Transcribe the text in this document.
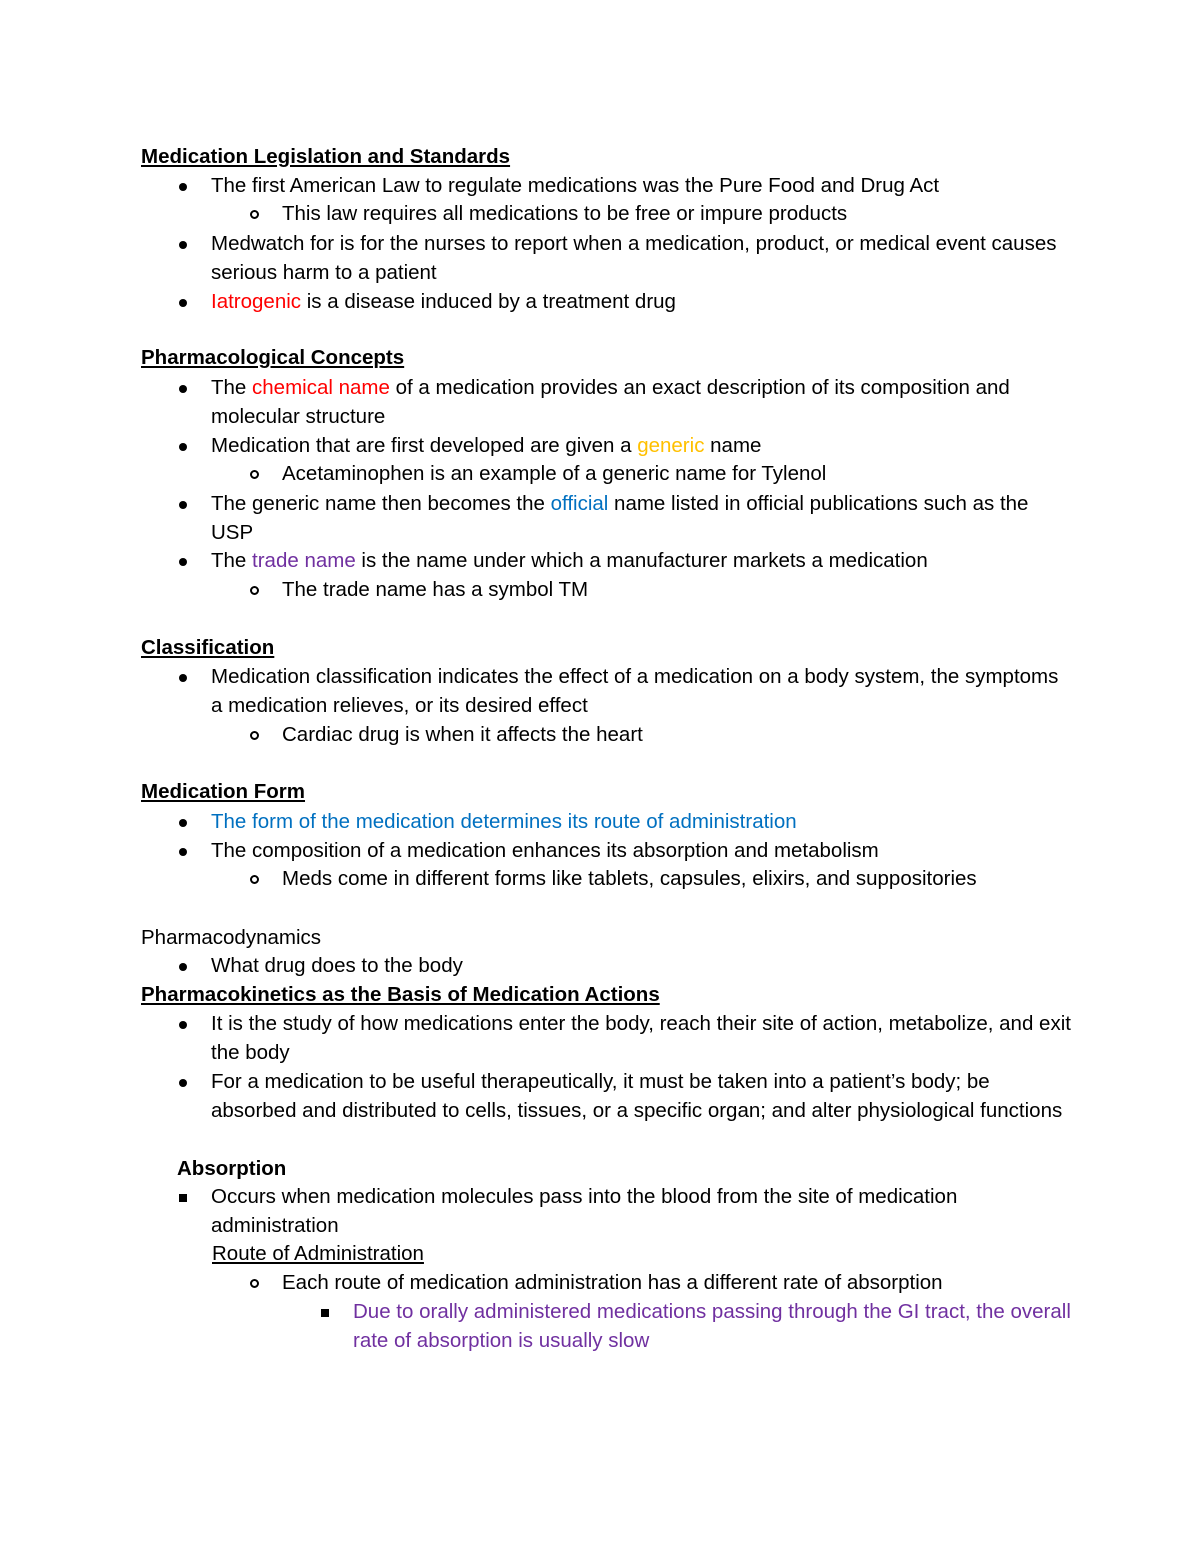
Medication Legislation and Standards
The first American Law to regulate medications was the Pure Food and Drug Act
This law requires all medications to be free or impure products
Medwatch for is for the nurses to report when a medication, product, or medical event causes serious harm to a patient
Iatrogenic is a disease induced by a treatment drug
Pharmacological Concepts
The chemical name of a medication provides an exact description of its composition and molecular structure
Medication that are first developed are given a generic name
Acetaminophen is an example of a generic name for Tylenol
The generic name then becomes the official name listed in official publications such as the USP
The trade name is the name under which a manufacturer markets a medication
The trade name has a symbol TM
Classification
Medication classification indicates the effect of a medication on a body system, the symptoms a medication relieves, or its desired effect
Cardiac drug is when it affects the heart
Medication Form
The form of the medication determines its route of administration
The composition of a medication enhances its absorption and metabolism
Meds come in different forms like tablets, capsules, elixirs, and suppositories
Pharmacodynamics
What drug does to the body
Pharmacokinetics as the Basis of Medication Actions
It is the study of how medications enter the body, reach their site of action, metabolize, and exit the body
For a medication to be useful therapeutically, it must be taken into a patient’s body; be absorbed and distributed to cells, tissues, or a specific organ; and alter physiological functions
Absorption
Occurs when medication molecules pass into the blood from the site of medication administration
Route of Administration
Each route of medication administration has a different rate of absorption
Due to orally administered medications passing through the GI tract, the overall rate of absorption is usually slow
